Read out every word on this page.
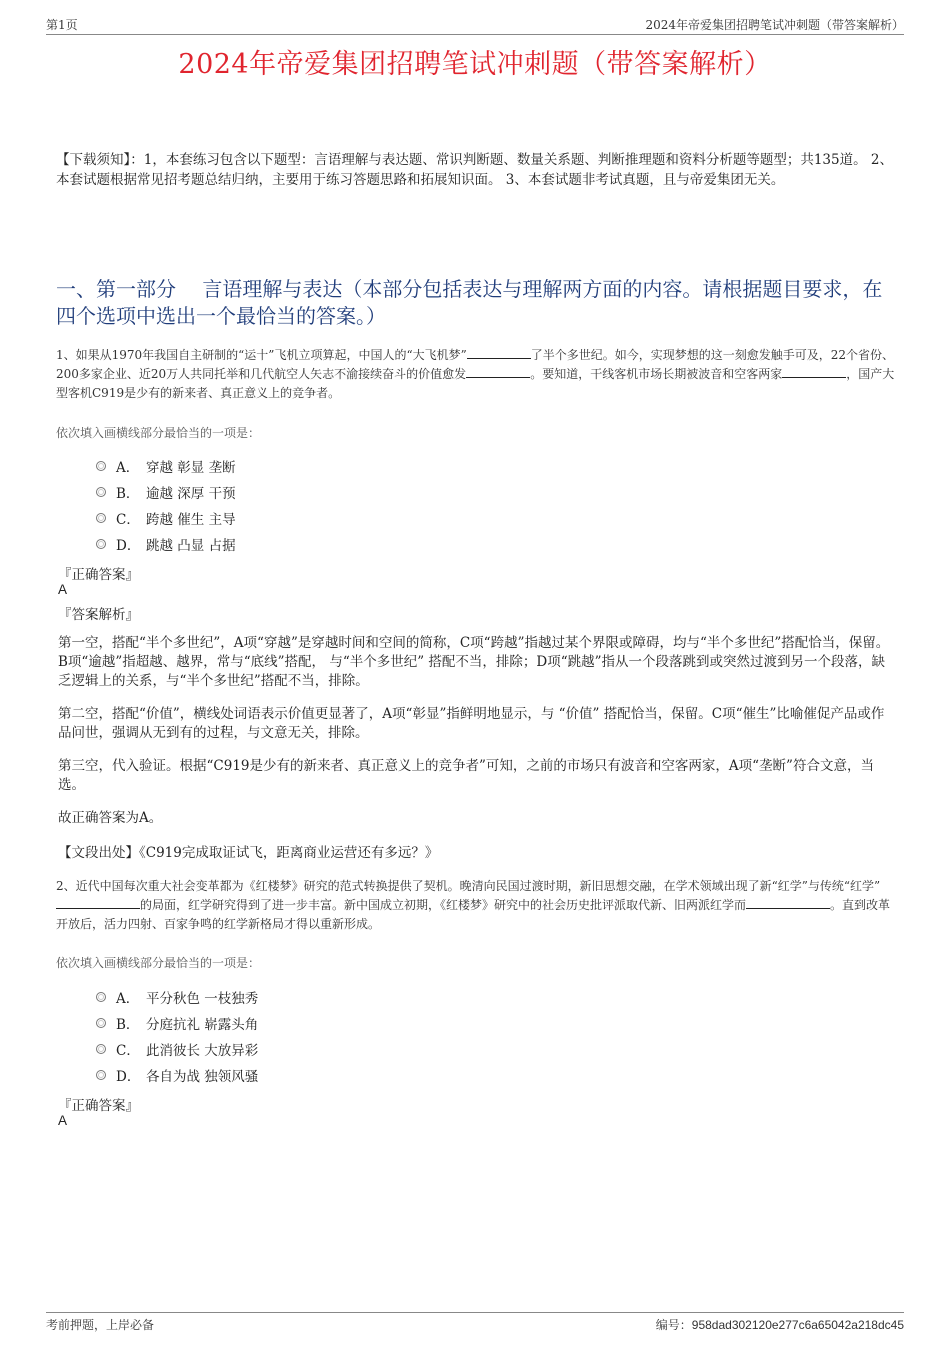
第1页	2024年帝爱集团招聘笔试冲刺题（带答案解析）
2024年帝爱集团招聘笔试冲刺题（带答案解析）
【下载须知】：1，本套练习包含以下题型：言语理解与表达题、常识判断题、数量关系题、判断推理题和资料分析题等题型；共135道。 2、本套试题根据常见招考题总结归纳，主要用于练习答题思路和拓展知识面。 3、本套试题非考试真题，且与帝爱集团无关。
一、第一部分　 言语理解与表达（本部分包括表达与理解两方面的内容。请根据题目要求，在四个选项中选出一个最恰当的答案。）
1、如果从1970年我国自主研制的“运十”飞机立项算起，中国人的“大飞机梦”	了半个多世纪。如今，实现梦想的这一刻愈发触手可及，22个省份、200多家企业、近20万人共同托举和几代航空人矢志不渝接续奋斗的价值愈发	。要知道，干线客机市场长期被波音和空客两家	，国产大型客机C919是少有的新来者、真正意义上的竞争者。
依次填入画横线部分最恰当的一项是：
A． 穿越 彰显 垄断
B． 逾越 深厚 干预
C． 跨越 催生 主导
D． 跳越 凸显 占据
『正确答案』
A
『答案解析』
第一空，搭配“半个多世纪”，A项“穿越”是穿越时间和空间的简称，C项“跨越”指越过某个界限或障碍，均与“半个多世纪”搭配恰当，保留。B项“逾越”指超越、越界，常与“底线”搭配， 与“半个多世纪” 搭配不当，排除；D项“跳越”指从一个段落跳到或突然过渡到另一个段落，缺乏逻辑上的关系，与“半个多世纪”搭配不当，排除。
第二空，搭配“价值”，横线处词语表示价值更显著了，A项“彰显”指鲜明地显示，与 “价值” 搭配恰当，保留。C项“催生”比喻催促产品或作品问世，强调从无到有的过程，与文意无关，排除。
第三空，代入验证。根据“C919是少有的新来者、真正意义上的竞争者”可知，之前的市场只有波音和空客两家，A项“垄断”符合文意，当选。
故正确答案为A。
【文段出处】《C919完成取证试飞，距离商业运营还有多远？》
2、近代中国每次重大社会变革都为《红楼梦》研究的范式转换提供了契机。晚清向民国过渡时期，新旧思想交融，在学术领域出现了新“红学”与传统“红学”的局面，红学研究得到了进一步丰富。新中国成立初期，《红楼梦》研究中的社会历史批评派取代新、旧两派红学而	。直到改革开放后，活力四射、百家争鸣的红学新格局才得以重新形成。
依次填入画横线部分最恰当的一项是：
A． 平分秋色 一枝独秀
B． 分庭抗礼 崭露头角
C． 此消彼长 大放异彩
D． 各自为战 独领风骚
『正确答案』
A
考前押题，上岸必备	编号：958dad302120e277c6a65042a218dc45
